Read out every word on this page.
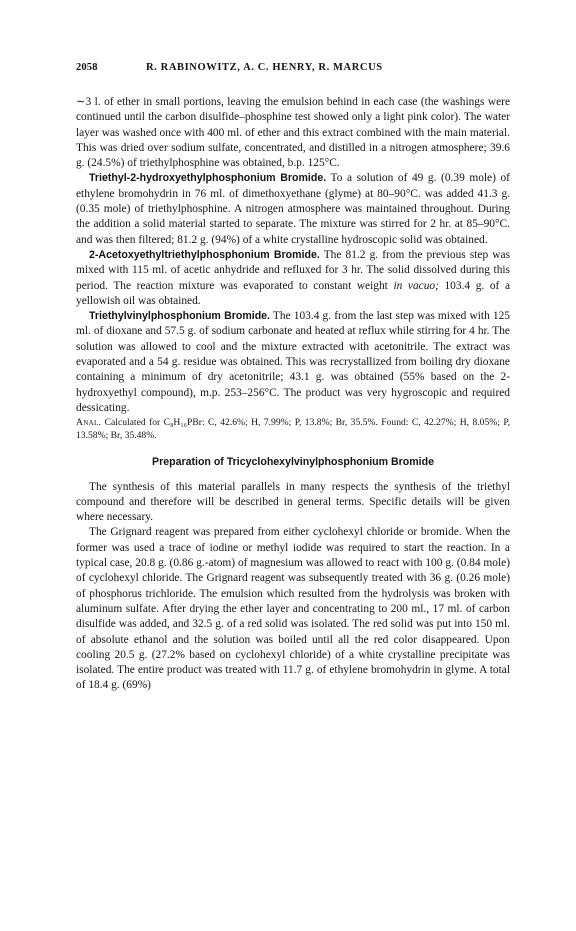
2058	R. RABINOWITZ, A. C. HENRY, R. MARCUS

∼3 l. of ether in small portions, leaving the emulsion behind in each case (the washings were continued until the carbon disulfide–phosphine test showed only a light pink color). The water layer was washed once with 400 ml. of ether and this extract combined with the main material. This was dried over sodium sulfate, concentrated, and distilled in a nitrogen atmosphere; 39.6 g. (24.5%) of triethylphosphine was obtained, b.p. 125°C.

Triethyl-2-hydroxyethylphosphonium Bromide. To a solution of 49 g. (0.39 mole) of ethylene bromohydrin in 76 ml. of dimethoxyethane (glyme) at 80–90°C. was added 41.3 g. (0.35 mole) of triethylphosphine. A nitrogen atmosphere was maintained throughout. During the addition a solid material started to separate. The mixture was stirred for 2 hr. at 85–90°C. and was then filtered; 81.2 g. (94%) of a white crystalline hydroscopic solid was obtained.

2-Acetoxyethyltriethylphosphonium Bromide. The 81.2 g. from the previous step was mixed with 115 ml. of acetic anhydride and refluxed for 3 hr. The solid dissolved during this period. The reaction mixture was evaporated to constant weight in vacuo; 103.4 g. of a yellowish oil was obtained.

Triethylvinylphosphonium Bromide. The 103.4 g. from the last step was mixed with 125 ml. of dioxane and 57.5 g. of sodium carbonate and heated at reflux while stirring for 4 hr. The solution was allowed to cool and the mixture extracted with acetonitrile. The extract was evaporated and a 54 g. residue was obtained. This was recrystallized from boiling dry dioxane containing a minimum of dry acetonitrile; 43.1 g. was obtained (55% based on the 2-hydroxyethyl compound), m.p. 253–256°C. The product was very hygroscopic and required dessicating.

Anal. Calculated for C₈H₁₆PBr: C, 42.6%; H, 7.99%; P, 13.8%; Br, 35.5%. Found: C, 42.27%; H, 8.05%; P, 13.58%; Br, 35.48%.

Preparation of Tricyclohexylvinylphosphonium Bromide

The synthesis of this material parallels in many respects the synthesis of the triethyl compound and therefore will be described in general terms. Specific details will be given where necessary.

The Grignard reagent was prepared from either cyclohexyl chloride or bromide. When the former was used a trace of iodine or methyl iodide was required to start the reaction. In a typical case, 20.8 g. (0.86 g.-atom) of magnesium was allowed to react with 100 g. (0.84 mole) of cyclohexyl chloride. The Grignard reagent was subsequently treated with 36 g. (0.26 mole) of phosphorus trichloride. The emulsion which resulted from the hydrolysis was broken with aluminum sulfate. After drying the ether layer and concentrating to 200 ml., 17 ml. of carbon disulfide was added, and 32.5 g. of a red solid was isolated. The red solid was put into 150 ml. of absolute ethanol and the solution was boiled until all the red color disappeared. Upon cooling 20.5 g. (27.2% based on cyclohexyl chloride) of a white crystalline precipitate was isolated. The entire product was treated with 11.7 g. of ethylene bromohydrin in glyme. A total of 18.4 g. (69%)
